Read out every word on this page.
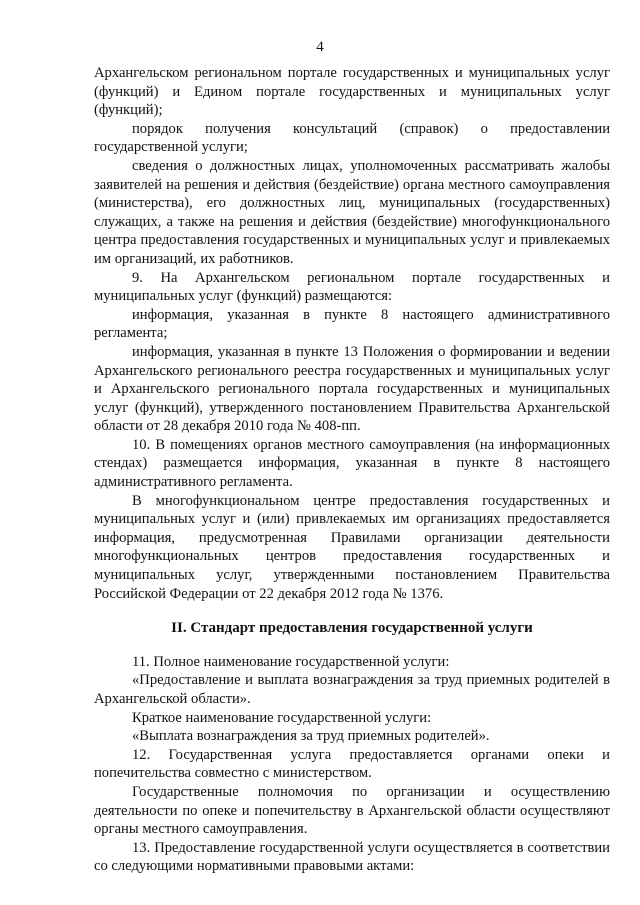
4

Архангельском региональном портале государственных и муниципальных услуг (функций) и Едином портале государственных и муниципальных услуг (функций);

порядок получения консультаций (справок) о предоставлении государственной услуги;

сведения о должностных лицах, уполномоченных рассматривать жалобы заявителей на решения и действия (бездействие) органа местного самоуправления (министерства), его должностных лиц, муниципальных (государственных) служащих, а также на решения и действия (бездействие) многофункционального центра предоставления государственных и муниципальных услуг и привлекаемых им организаций, их работников.

9. На Архангельском региональном портале государственных и муниципальных услуг (функций) размещаются:

информация, указанная в пункте 8 настоящего административного регламента;

информация, указанная в пункте 13 Положения о формировании и ведении Архангельского регионального реестра государственных и муниципальных услуг и Архангельского регионального портала государственных и муниципальных услуг (функций), утвержденного постановлением Правительства Архангельской области от 28 декабря 2010 года № 408-пп.

10. В помещениях органов местного самоуправления (на информационных стендах) размещается информация, указанная в пункте 8 настоящего административного регламента.

В многофункциональном центре предоставления государственных и муниципальных услуг и (или) привлекаемых им организациях предоставляется информация, предусмотренная Правилами организации деятельности многофункциональных центров предоставления государственных и муниципальных услуг, утвержденными постановлением Правительства Российской Федерации от 22 декабря 2012 года № 1376.

II. Стандарт предоставления государственной услуги

11. Полное наименование государственной услуги:

«Предоставление и выплата вознаграждения за труд приемных родителей в Архангельской области».

Краткое наименование государственной услуги:

«Выплата вознаграждения за труд приемных родителей».

12. Государственная услуга предоставляется органами опеки и попечительства совместно с министерством.

Государственные полномочия по организации и осуществлению деятельности по опеке и попечительству в Архангельской области осуществляют органы местного самоуправления.

13. Предоставление государственной услуги осуществляется в соответствии со следующими нормативными правовыми актами:
